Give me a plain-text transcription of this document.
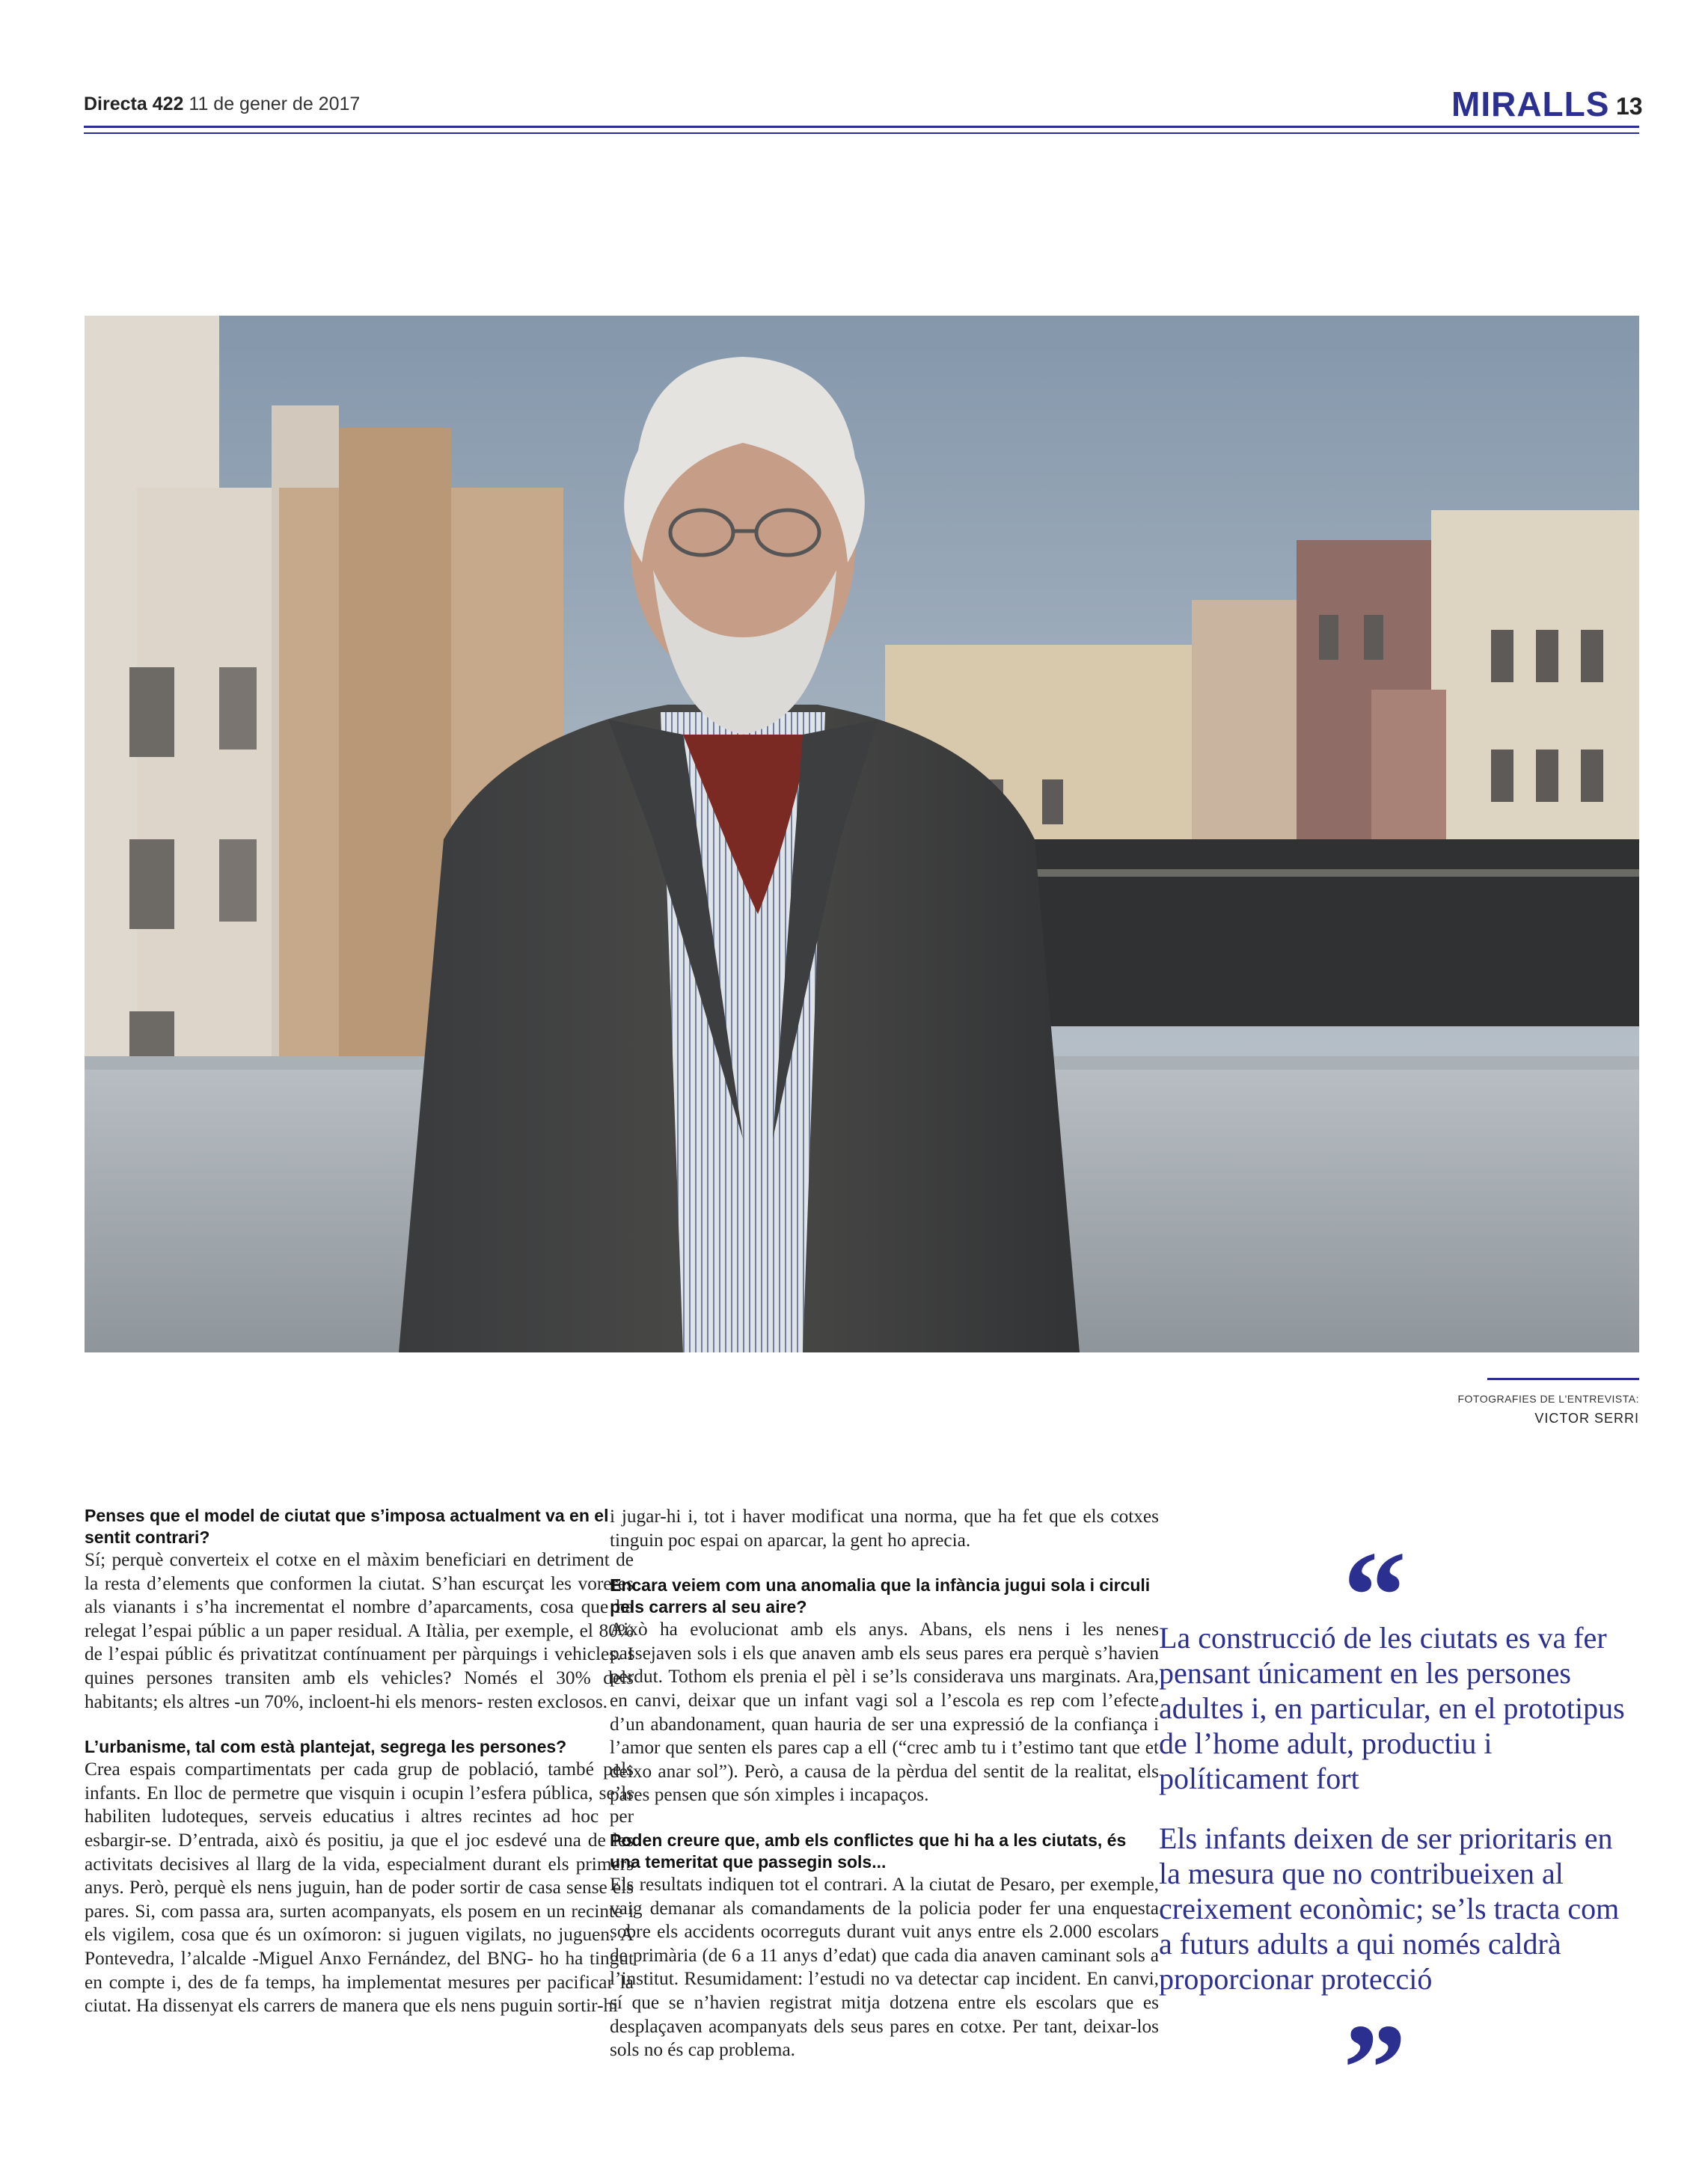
Directa 422 11 de gener de 2017	MIRALLS 13
FOTOGRAFIES DE L'ENTREVISTA:
VICTOR SERRI

Penses que el model de ciutat que s’imposa actualment va en el sentit contrari?

Sí; perquè converteix el cotxe en el màxim beneficiari en detriment de la resta d’elements que conformen la ciutat. S’han escurçat les voreres als vianants i s’ha incrementat el nombre d’aparcaments, cosa que ha relegat l’espai públic a un paper residual. A Itàlia, per exemple, el 80% de l’espai públic és privatitzat contínuament per pàrquings i vehicles. I quines persones transiten amb els vehicles? Només el 30% dels habitants; els altres -un 70%, incloent-hi els menors- resten exclosos.

L’urbanisme, tal com està plantejat, segrega les persones?

Crea espais compartimentats per cada grup de població, també pels infants. En lloc de permetre que visquin i ocupin l’esfera pública, se’ls habiliten ludoteques, serveis educatius i altres recintes ad hoc per esbargir-se. D’entrada, això és positiu, ja que el joc esdevé una de les activitats decisives al llarg de la vida, especialment durant els primers anys. Però, perquè els nens juguin, han de poder sortir de casa sense els pares. Si, com passa ara, surten acompanyats, els posem en un recinte i els vigilem, cosa que és un oxímoron: si juguen vigilats, no juguen. A Pontevedra, l’alcalde -Miguel Anxo Fernández, del BNG- ho ha tingut en compte i, des de fa temps, ha implementat mesures per pacificar la ciutat. Ha dissenyat els carrers de manera que els nens puguin sortir-hi

i jugar-hi i, tot i haver modificat una norma, que ha fet que els cotxes tinguin poc espai on aparcar, la gent ho aprecia.

Encara veiem com una anomalia que la infància jugui sola i circuli pels carrers al seu aire?

Això ha evolucionat amb els anys. Abans, els nens i les nenes passejaven sols i els que anaven amb els seus pares era perquè s’havien perdut. Tothom els prenia el pèl i se’ls considerava uns marginats. Ara, en canvi, deixar que un infant vagi sol a l’escola es rep com l’efecte d’un abandonament, quan hauria de ser una expressió de la confiança i l’amor que senten els pares cap a ell (“crec amb tu i t’estimo tant que et deixo anar sol”). Però, a causa de la pèrdua del sentit de la realitat, els pares pensen que són ximples i incapaços.

Poden creure que, amb els conflictes que hi ha a les ciutats, és una temeritat que passegin sols...

Els resultats indiquen tot el contrari. A la ciutat de Pesaro, per exemple, vaig demanar als comandaments de la policia poder fer una enquesta sobre els accidents ocorreguts durant vuit anys entre els 2.000 escolars de primària (de 6 a 11 anys d’edat) que cada dia anaven caminant sols a l’institut. Resumidament: l’estudi no va detectar cap incident. En canvi, sí que se n’havien registrat mitja dotzena entre els escolars que es desplaçaven acompanyats dels seus pares en cotxe. Per tant, deixar-los sols no és cap problema.

“

La construcció de les ciutats es va fer pensant únicament en les persones adultes i, en particular, en el prototipus de l’home adult, productiu i políticament fort

Els infants deixen de ser prioritaris en la mesura que no contribueixen al creixement econòmic; se’ls tracta com a futurs adults a qui només caldrà proporcionar protecció

”
